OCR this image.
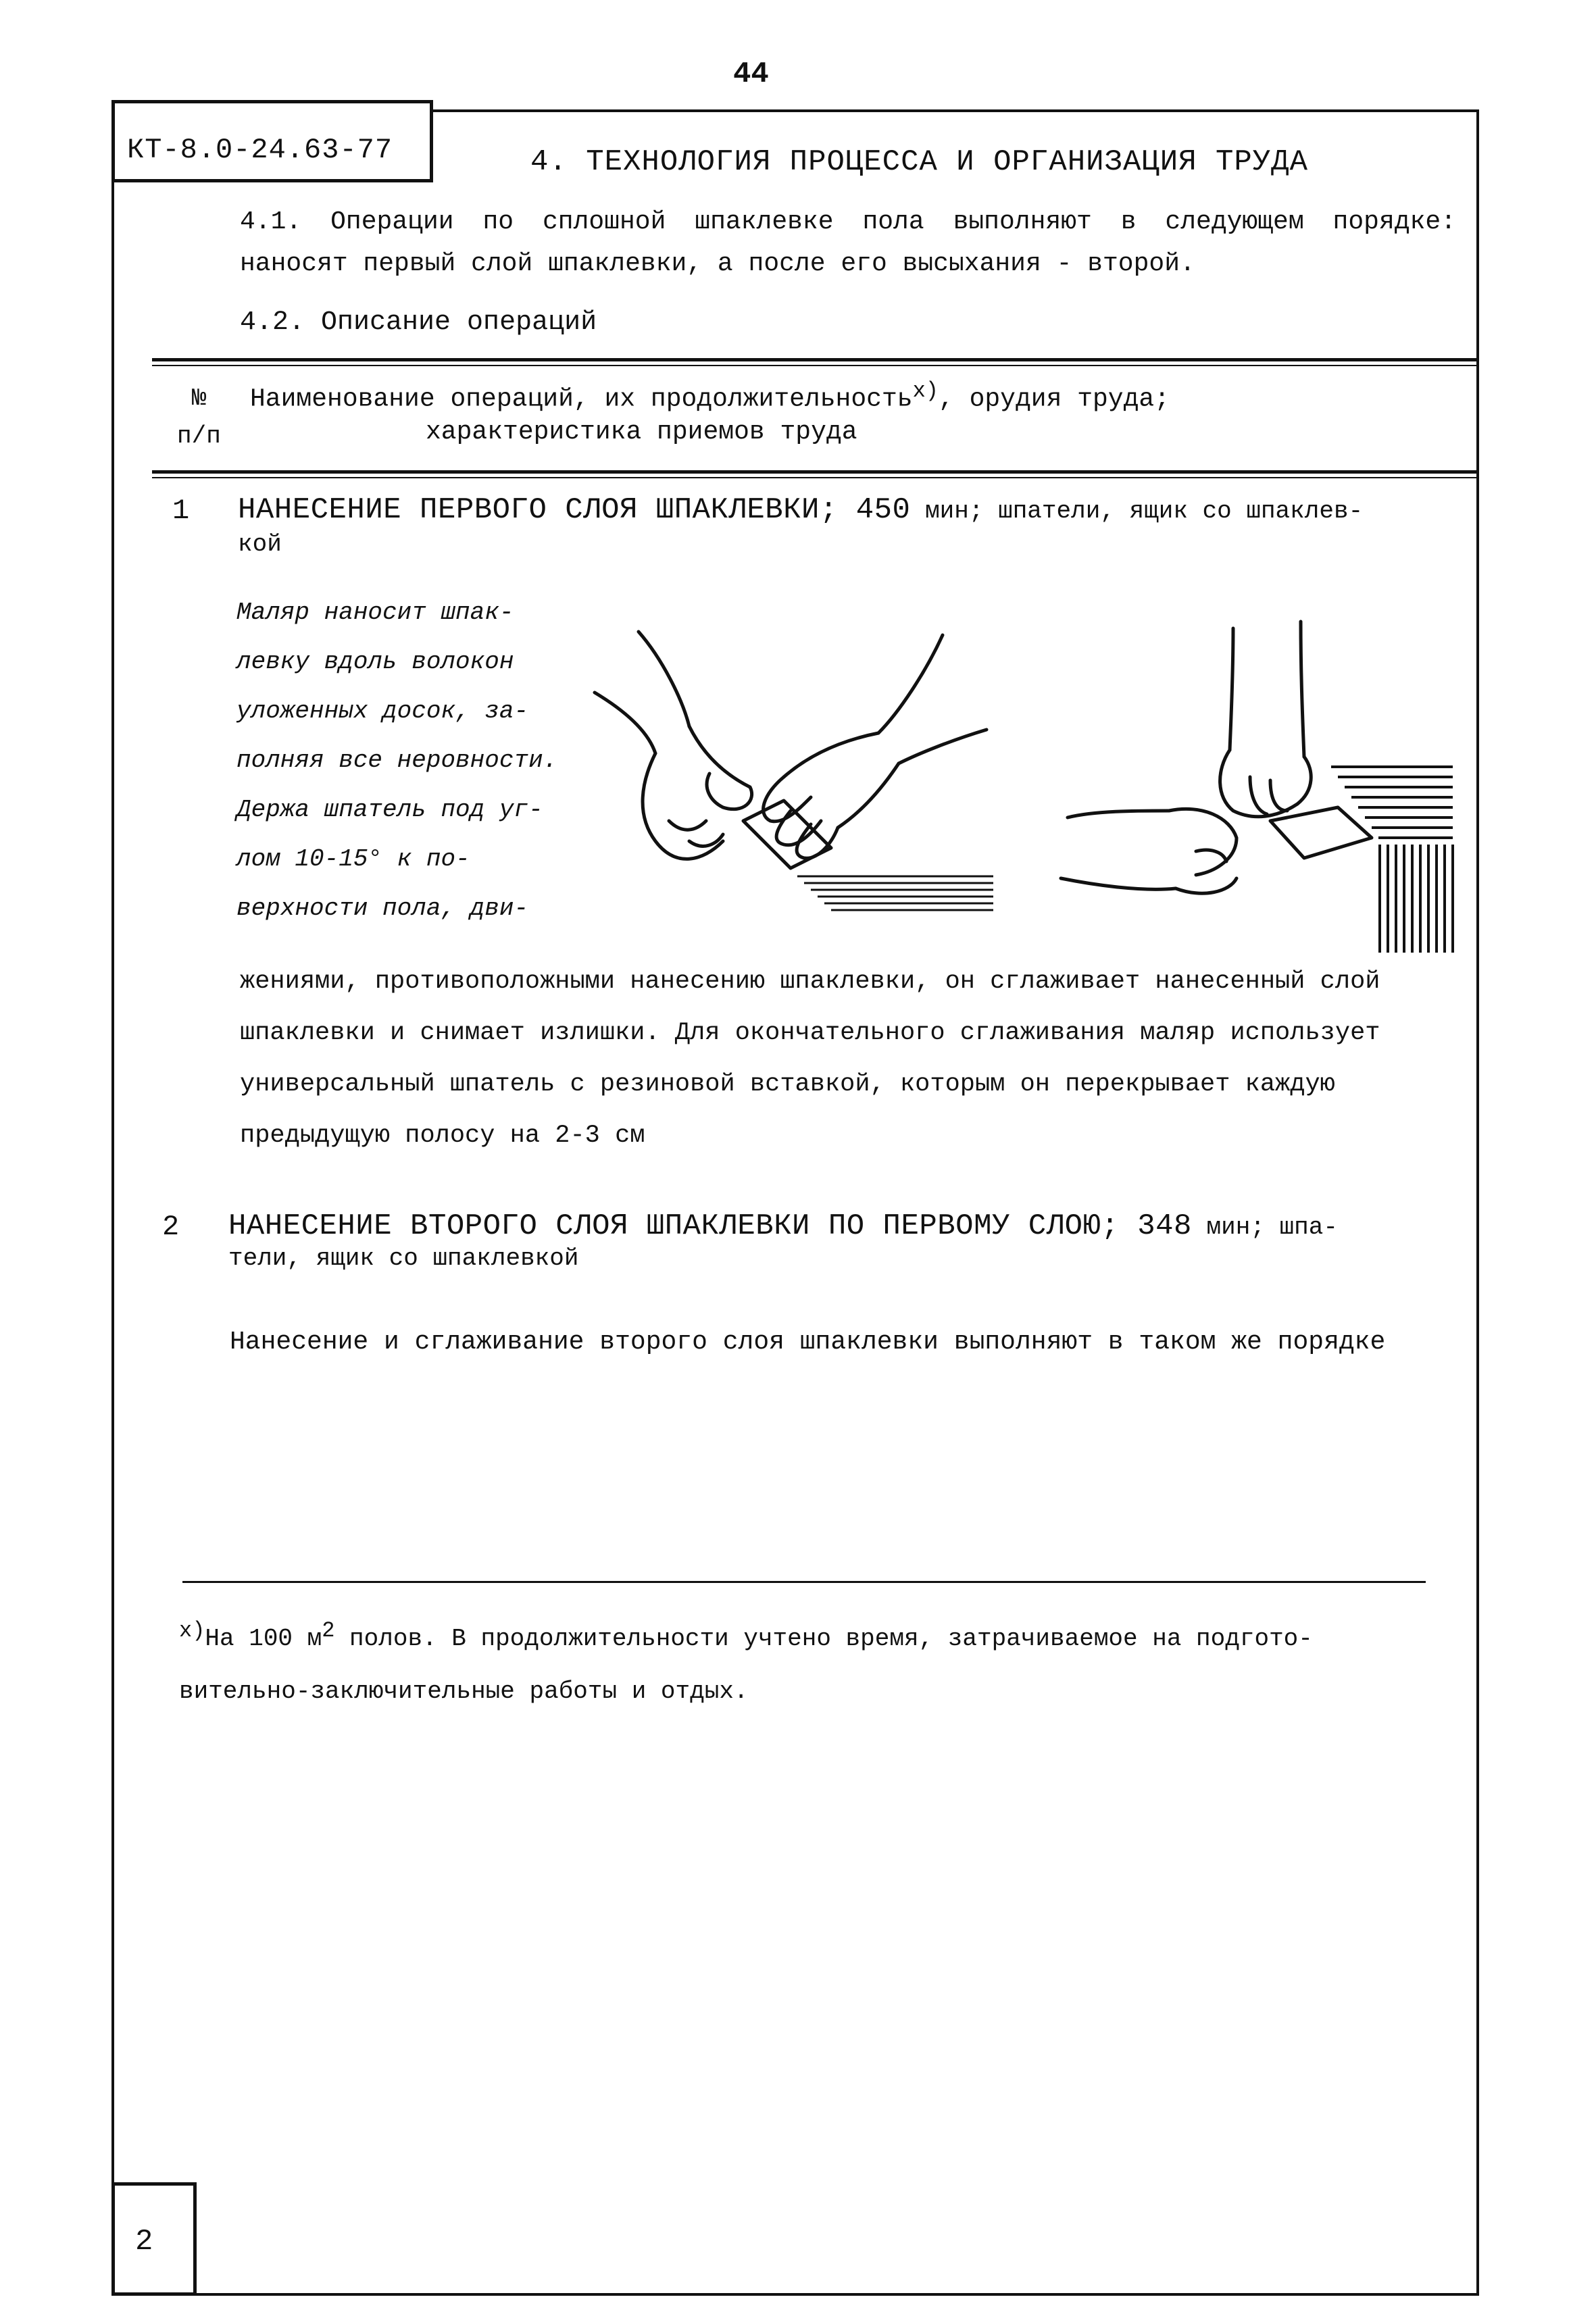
44
КТ-8.0-24.63-77
2
4. ТЕХНОЛОГИЯ ПРОЦЕССА И ОРГАНИЗАЦИЯ ТРУДА
4.1. Операции по сплошной шпаклевке пола выполняют в следующем порядке: наносят первый слой шпаклевки, а после его высыхания - второй.
4.2. Описание операций
№
п/п
Наименование операций, их продолжительность$^{х)}$, орудия труда;
характеристика приемов труда
1 НАНЕСЕНИЕ ПЕРВОГО СЛОЯ ШПАКЛЕВКИ; 450 мин; шпатели, ящик со шпаклев-
кой
Маляр наносит шпак-
левку вдоль волокон
уложенных досок, за-
полняя все неровности.
Держа шпатель под уг-
лом 10-15° к по-
верхности пола, дви-
жениями, противоположными нанесению шпаклевки, он сглаживает нанесенный слой
шпаклевки и снимает излишки. Для окончательного сглаживания маляр использует
универсальный шпатель с резиновой вставкой, которым он перекрывает каждую
предыдущую полосу на 2-3 см
2 НАНЕСЕНИЕ ВТОРОГО СЛОЯ ШПАКЛЕВКИ ПО ПЕРВОМУ СЛОЮ; 348 мин; шпа-
тели, ящик со шпаклевкой
Нанесение и сглаживание второго слоя шпаклевки выполняют в таком же порядке
х)На 100 м2 полов. В продолжительности учтено время, затрачиваемое на подгото-
вительно-заключительные работы и отдых.
